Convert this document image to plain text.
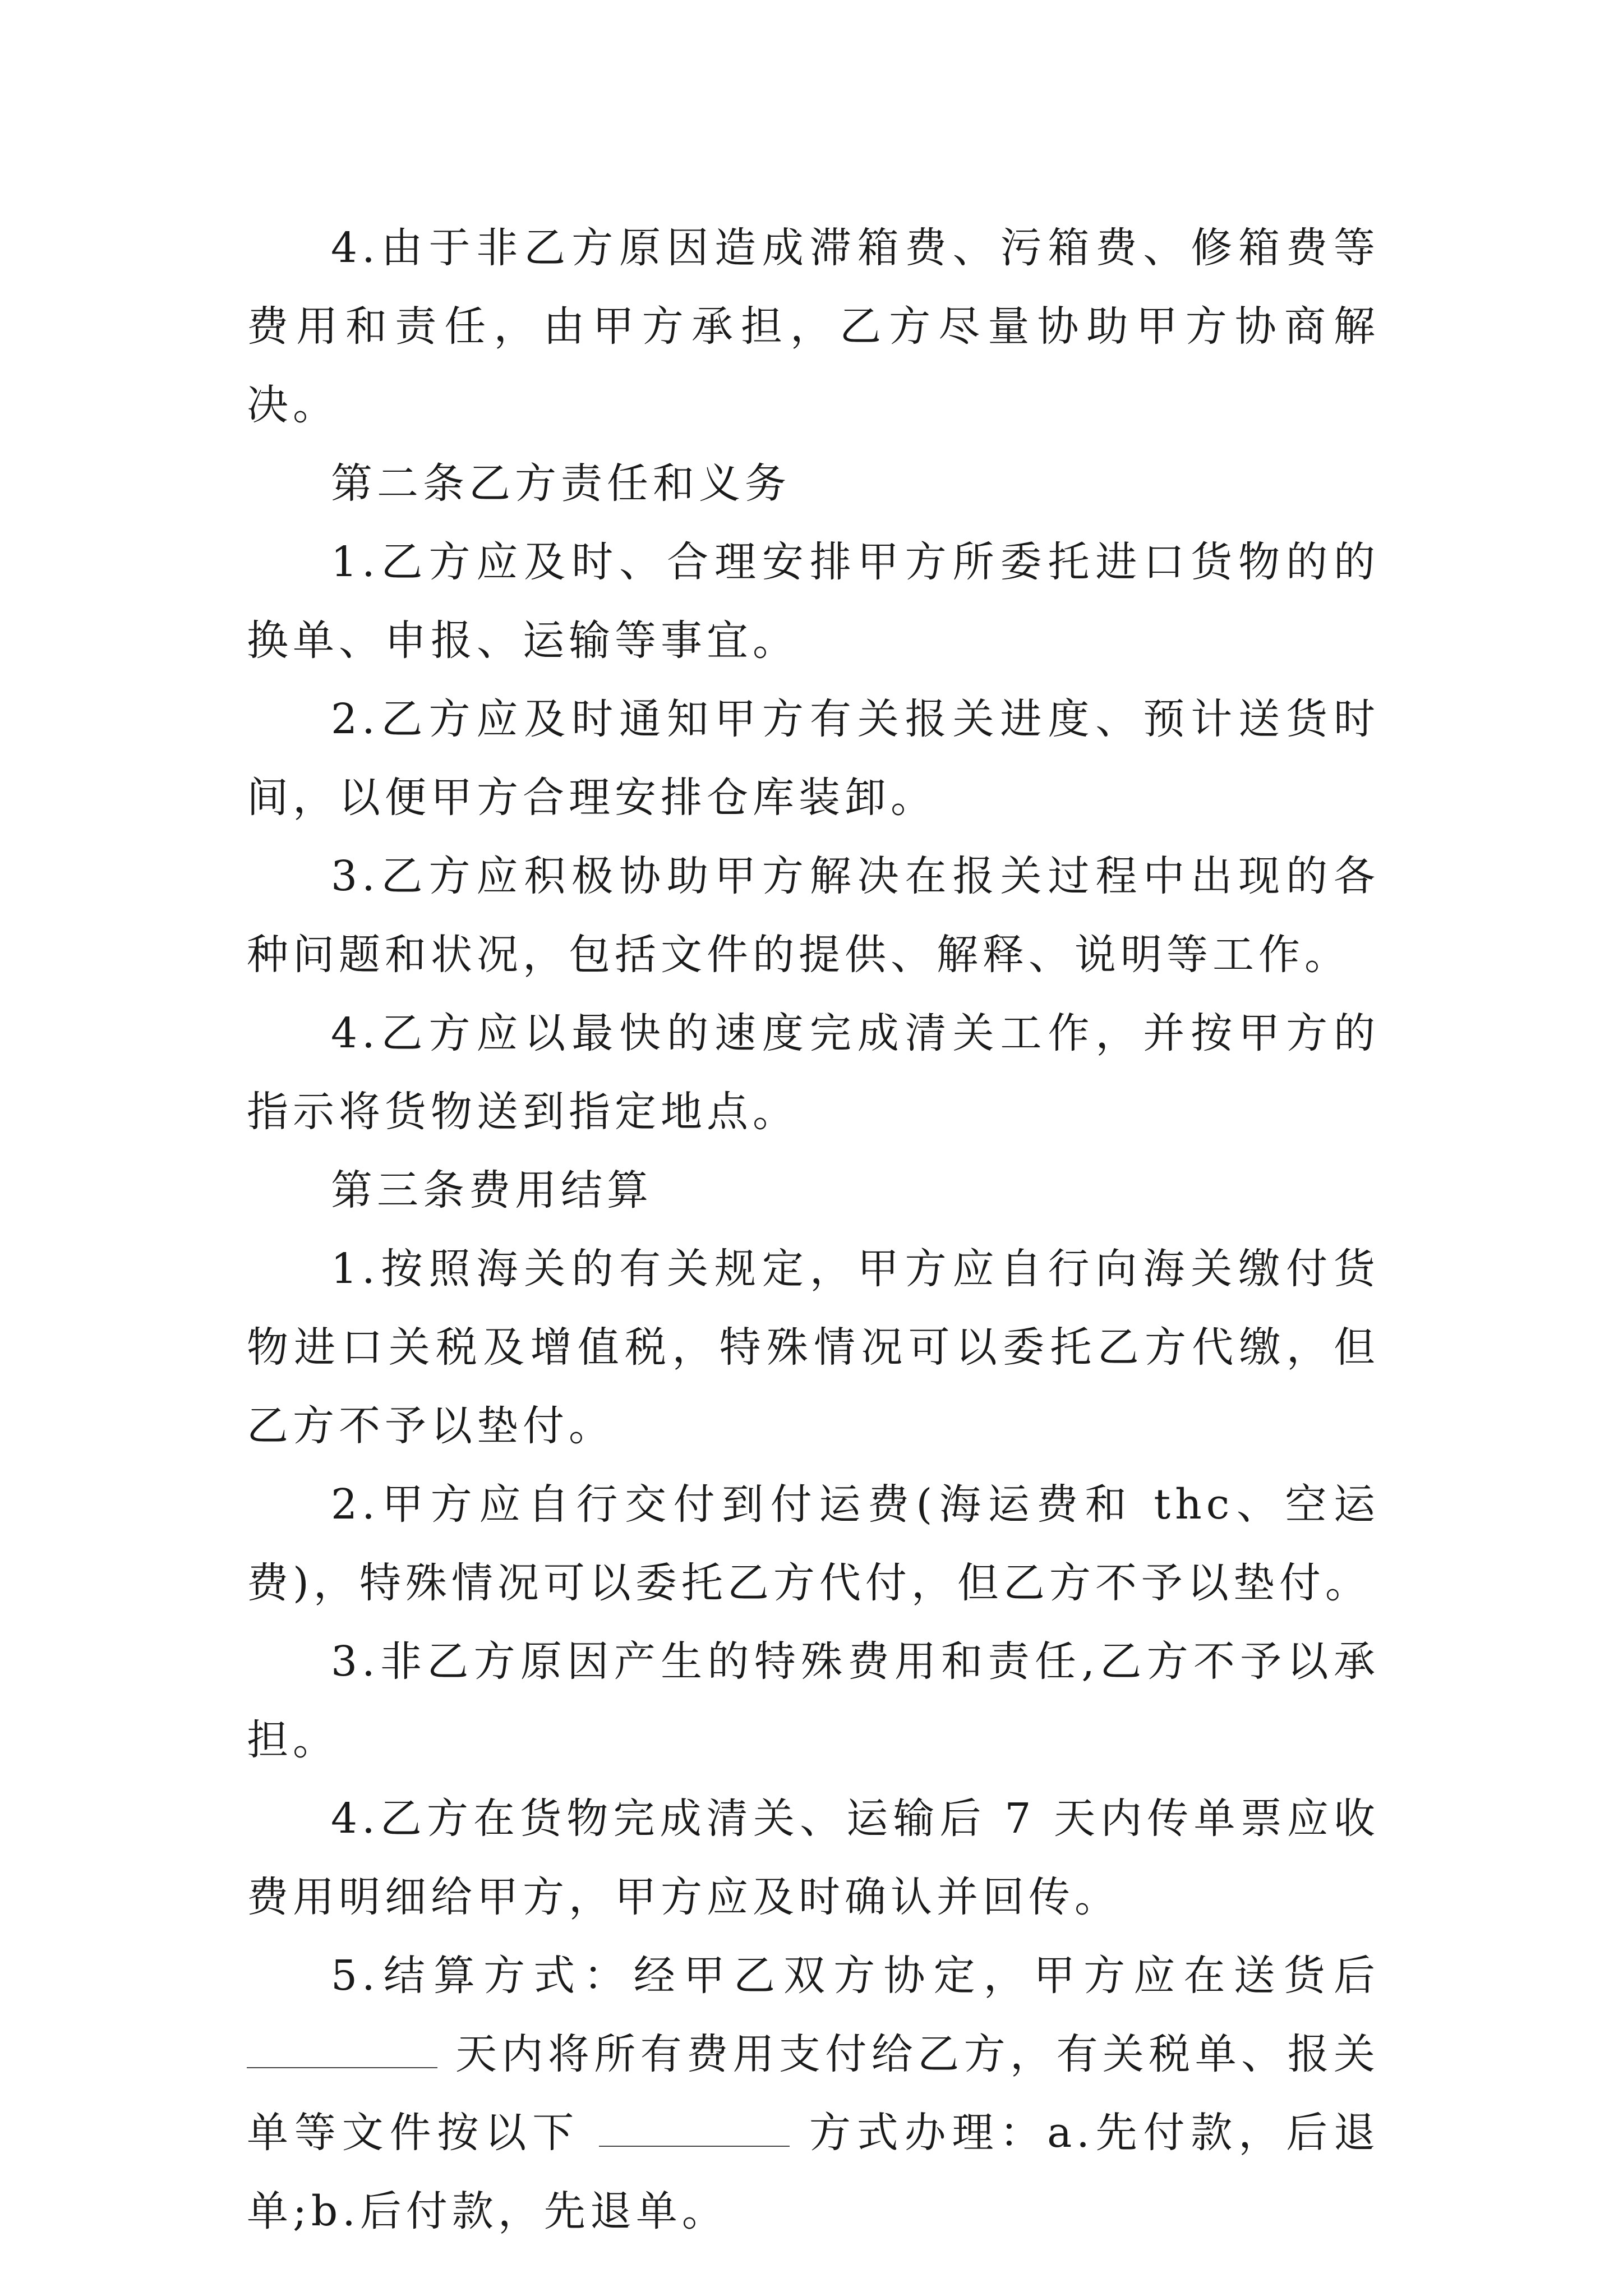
4.由于非乙方原因造成滞箱费、污箱费、修箱费等费用和责任，由甲方承担，乙方尽量协助甲方协商解决。

第二条乙方责任和义务

1.乙方应及时、合理安排甲方所委托进口货物的的换单、申报、运输等事宜。

2.乙方应及时通知甲方有关报关进度、预计送货时间，以便甲方合理安排仓库装卸。

3.乙方应积极协助甲方解决在报关过程中出现的各种问题和状况，包括文件的提供、解释、说明等工作。

4.乙方应以最快的速度完成清关工作，并按甲方的指示将货物送到指定地点。

第三条费用结算

1.按照海关的有关规定，甲方应自行向海关缴付货物进口关税及增值税，特殊情况可以委托乙方代缴，但乙方不予以垫付。

2.甲方应自行交付到付运费(海运费和 thc、空运费)，特殊情况可以委托乙方代付，但乙方不予以垫付。

3.非乙方原因产生的特殊费用和责任,乙方不予以承担。

4.乙方在货物完成清关、运输后 7 天内传单票应收费用明细给甲方，甲方应及时确认并回传。

5.结算方式：经甲乙双方协定，甲方应在送货后  天内将所有费用支付给乙方，有关税单、报关单等文件按以下	方式办理：a.先付款，后退单;b.后付款，先退单。
